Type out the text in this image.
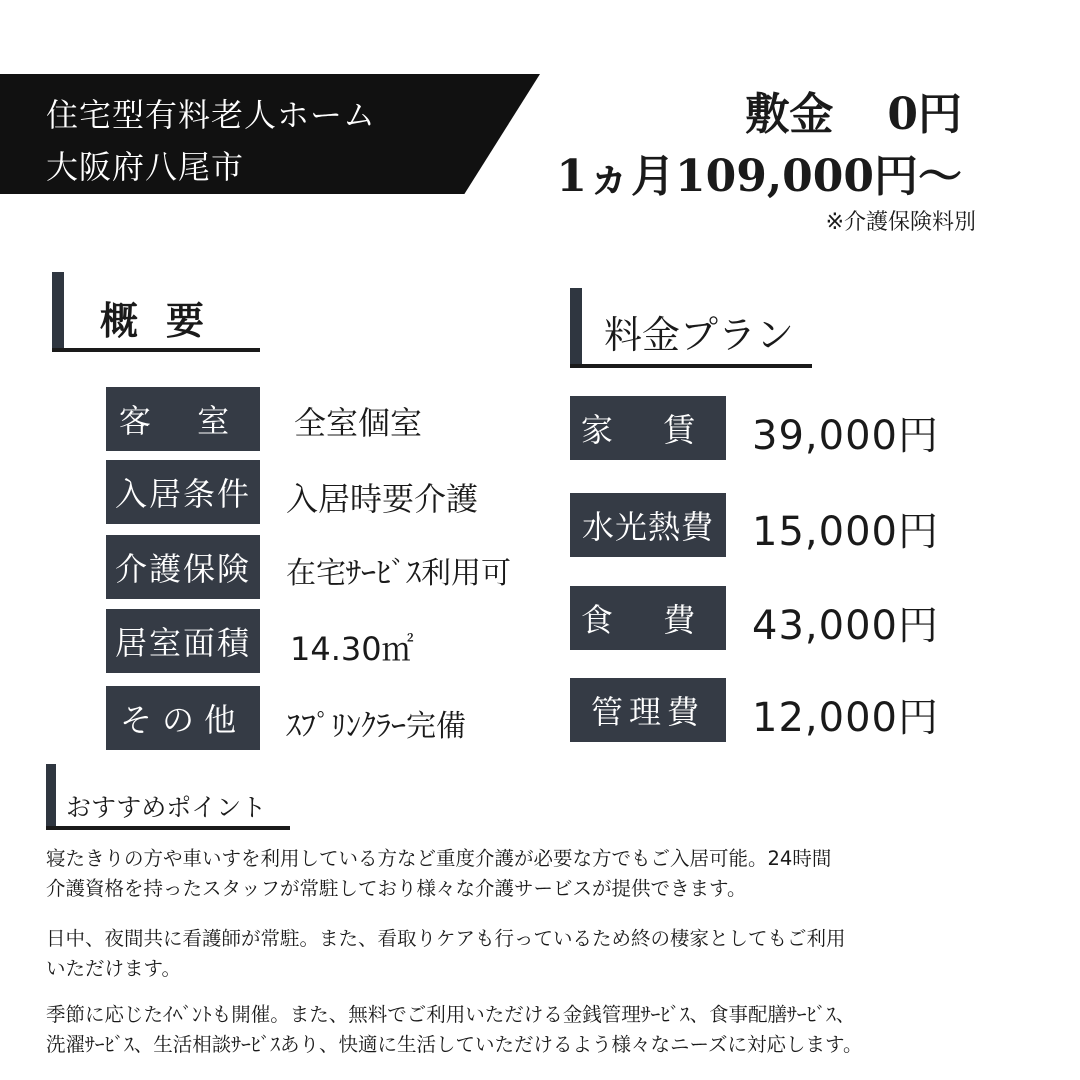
住宅型有料老人ホーム
大阪府八尾市
敷金 0円
1ヵ月109,000円〜
※介護保険料別
概要
客 室	全室個室
入居条件 入居時要介護
介護保険	在宅ｻｰﾋﾞｽ利用可
居室面積 14.30㎡
その他	ｽﾌﾟﾘﾝｸﾗｰ完備
料金プラン
家 賃 39,000円
水光熱費 15,000円
食 費 43,000円
管理費	12,000円
おすすめポイント
寝たきりの方や車いすを利用している方など重度介護が必要な方でもご入居可能。24時間
介護資格を持ったスタッフが常駐しており様々な介護サービスが提供できます。
日中、夜間共に看護師が常駐。また、看取りケアも行っているため終の棲家としてもご利用
いただけます。
季節に応じたｲﾍﾞﾝﾄも開催。また、無料でご利用いただける金銭管理ｻｰﾋﾞｽ、食事配膳ｻｰﾋﾞｽ、
洗濯ｻｰﾋﾞｽ、生活相談ｻｰﾋﾞｽあり、快適に生活していただけるよう様々なニーズに対応します。
